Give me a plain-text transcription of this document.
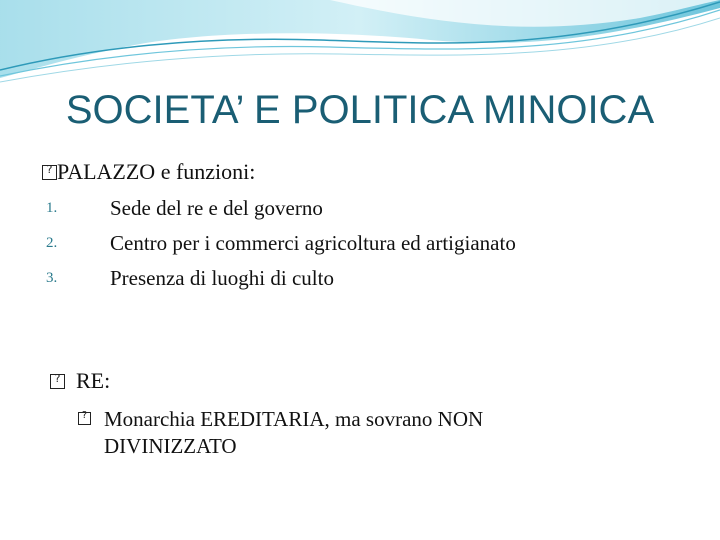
SOCIETA’ E POLITICA MINOICA
?PALAZZO e funzioni:
1.	Sede del re e del governo
2.	Centro per i commerci agricoltura ed artigianato
3.	Presenza di luoghi di culto
?  RE:
?
Monarchia EREDITARIA, ma sovrano NON
DIVINIZZATO
